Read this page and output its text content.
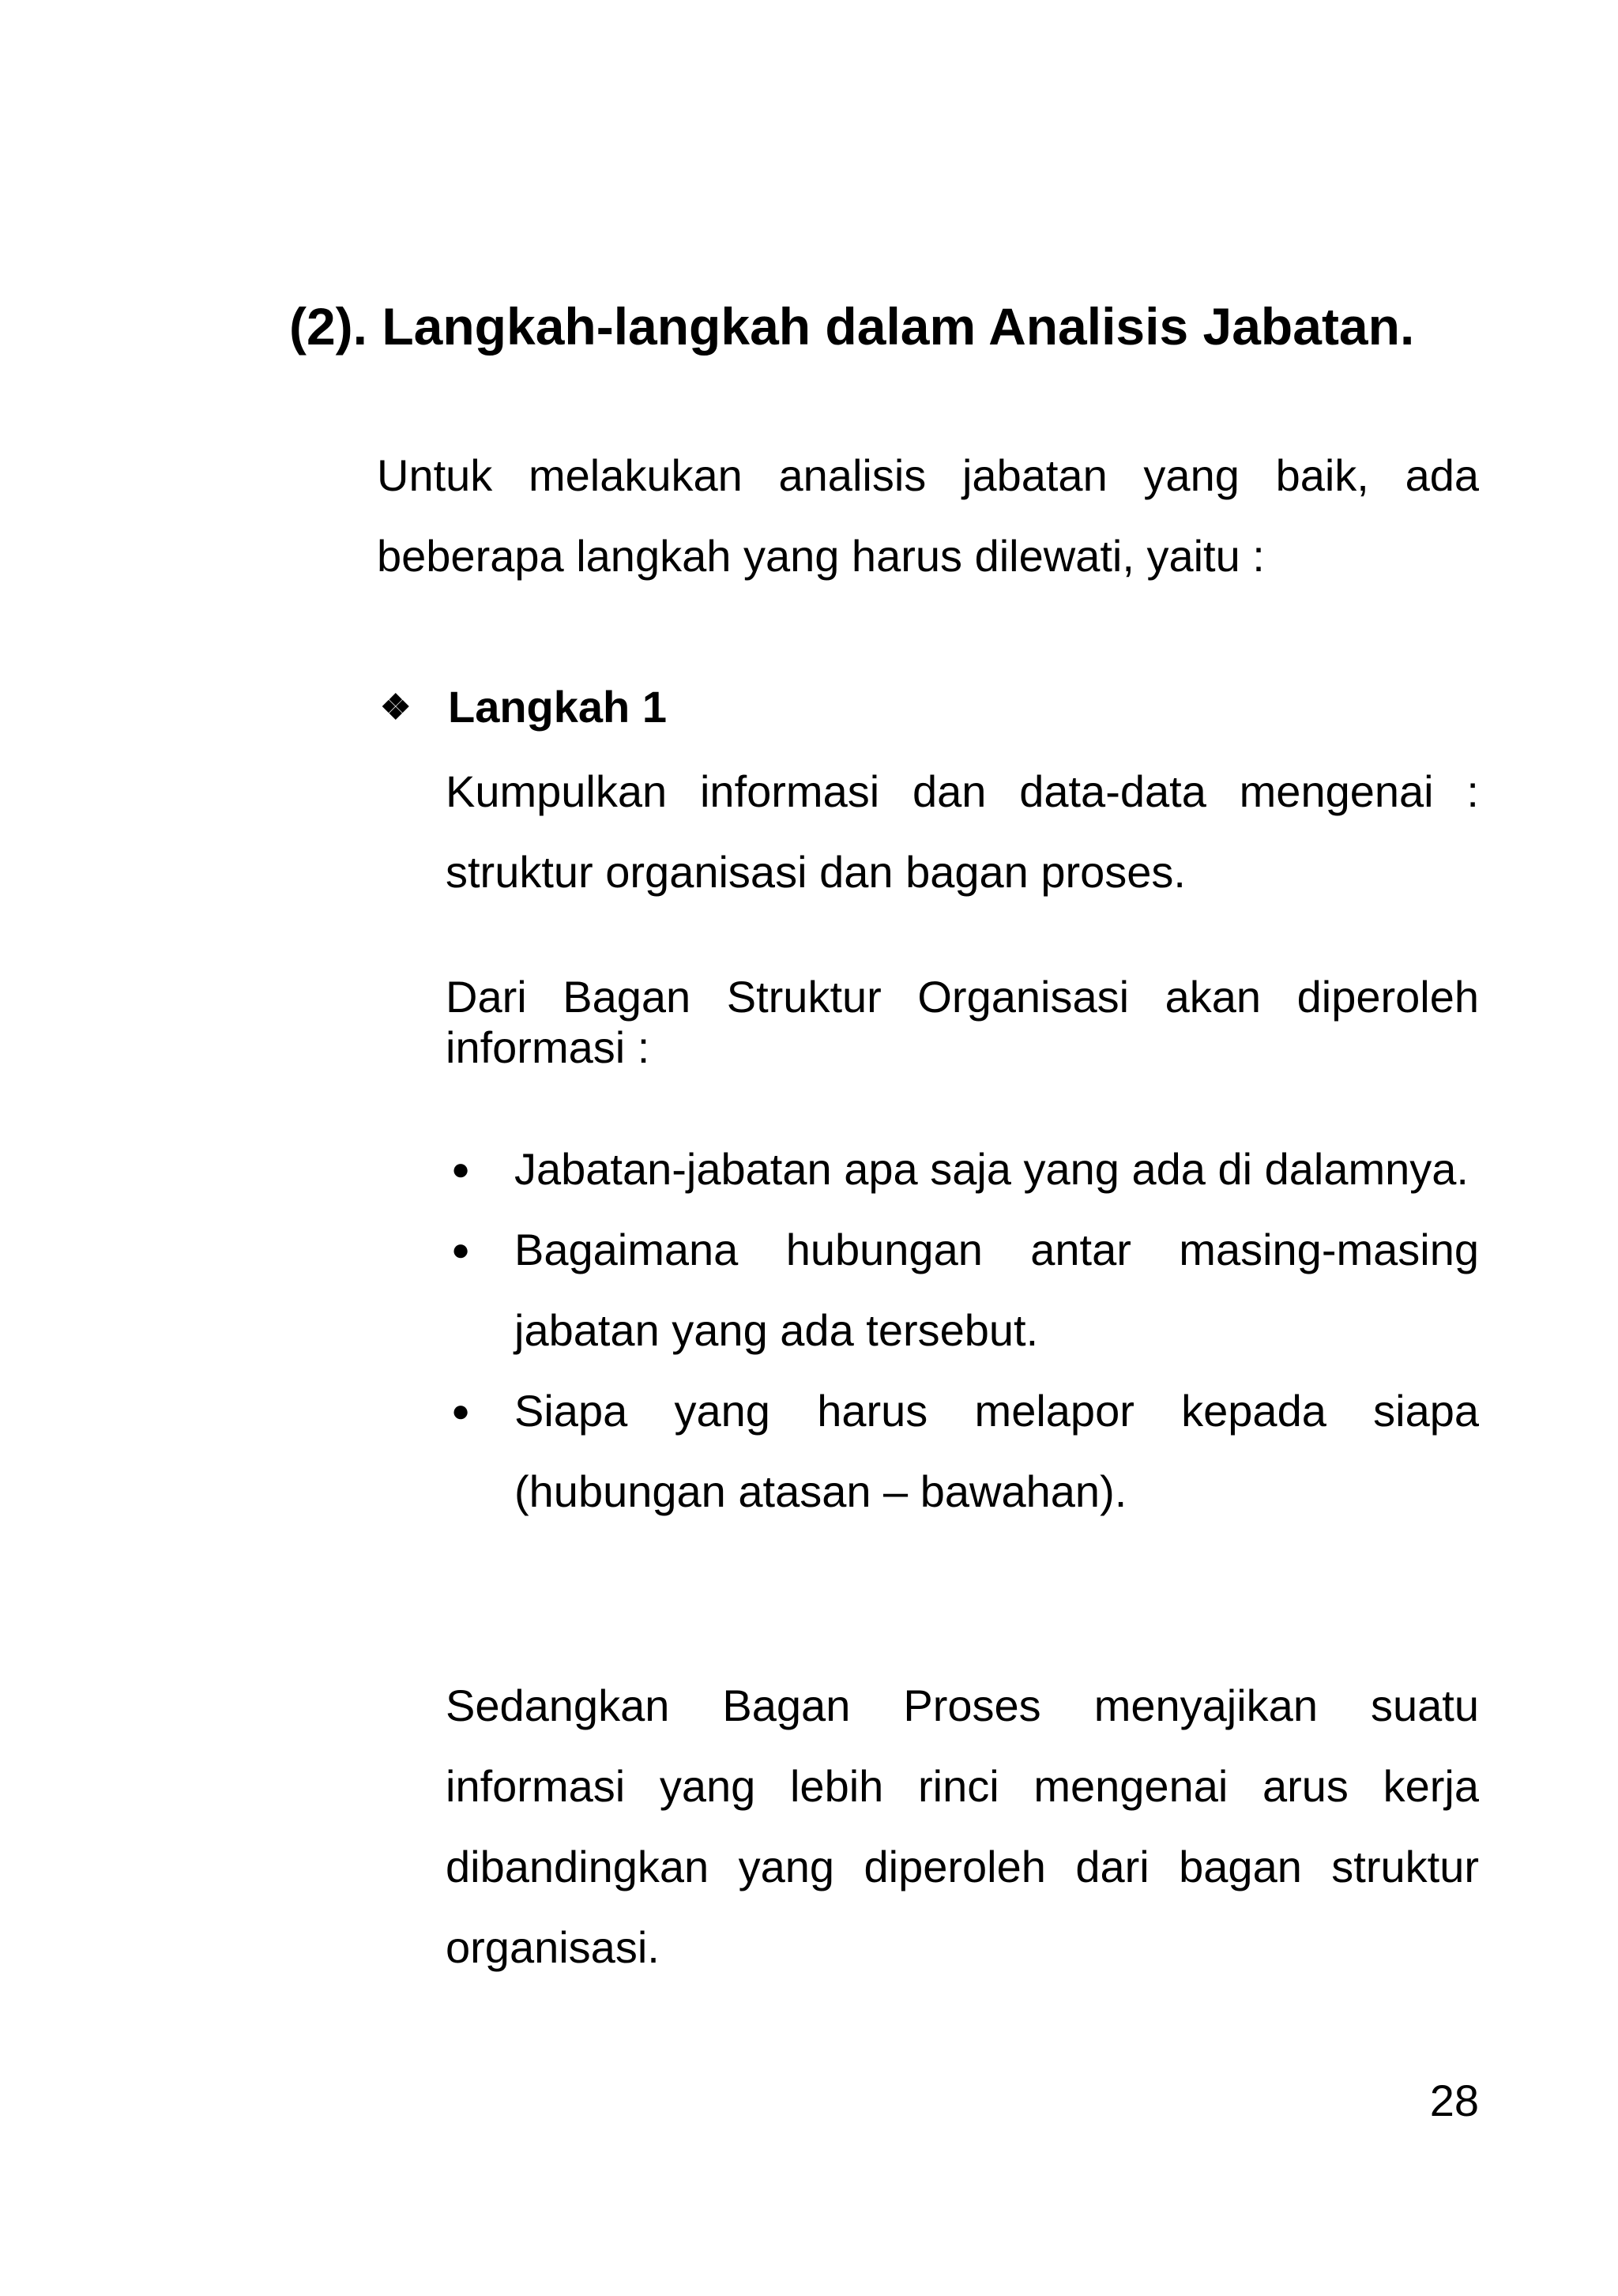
(2). Langkah-langkah dalam Analisis Jabatan.

Untuk melakukan analisis jabatan yang baik, ada beberapa langkah yang harus dilewati, yaitu :

❖ Langkah 1

Kumpulkan informasi dan data-data mengenai : struktur organisasi dan bagan proses.

Dari Bagan Struktur Organisasi akan diperoleh informasi :

● Jabatan-jabatan apa saja yang ada di dalamnya.
● Bagaimana hubungan antar masing-masing jabatan yang ada tersebut.
● Siapa yang harus melapor kepada siapa (hubungan atasan – bawahan).

Sedangkan Bagan Proses menyajikan suatu informasi yang lebih rinci mengenai arus kerja dibandingkan yang diperoleh dari bagan struktur organisasi.

28
